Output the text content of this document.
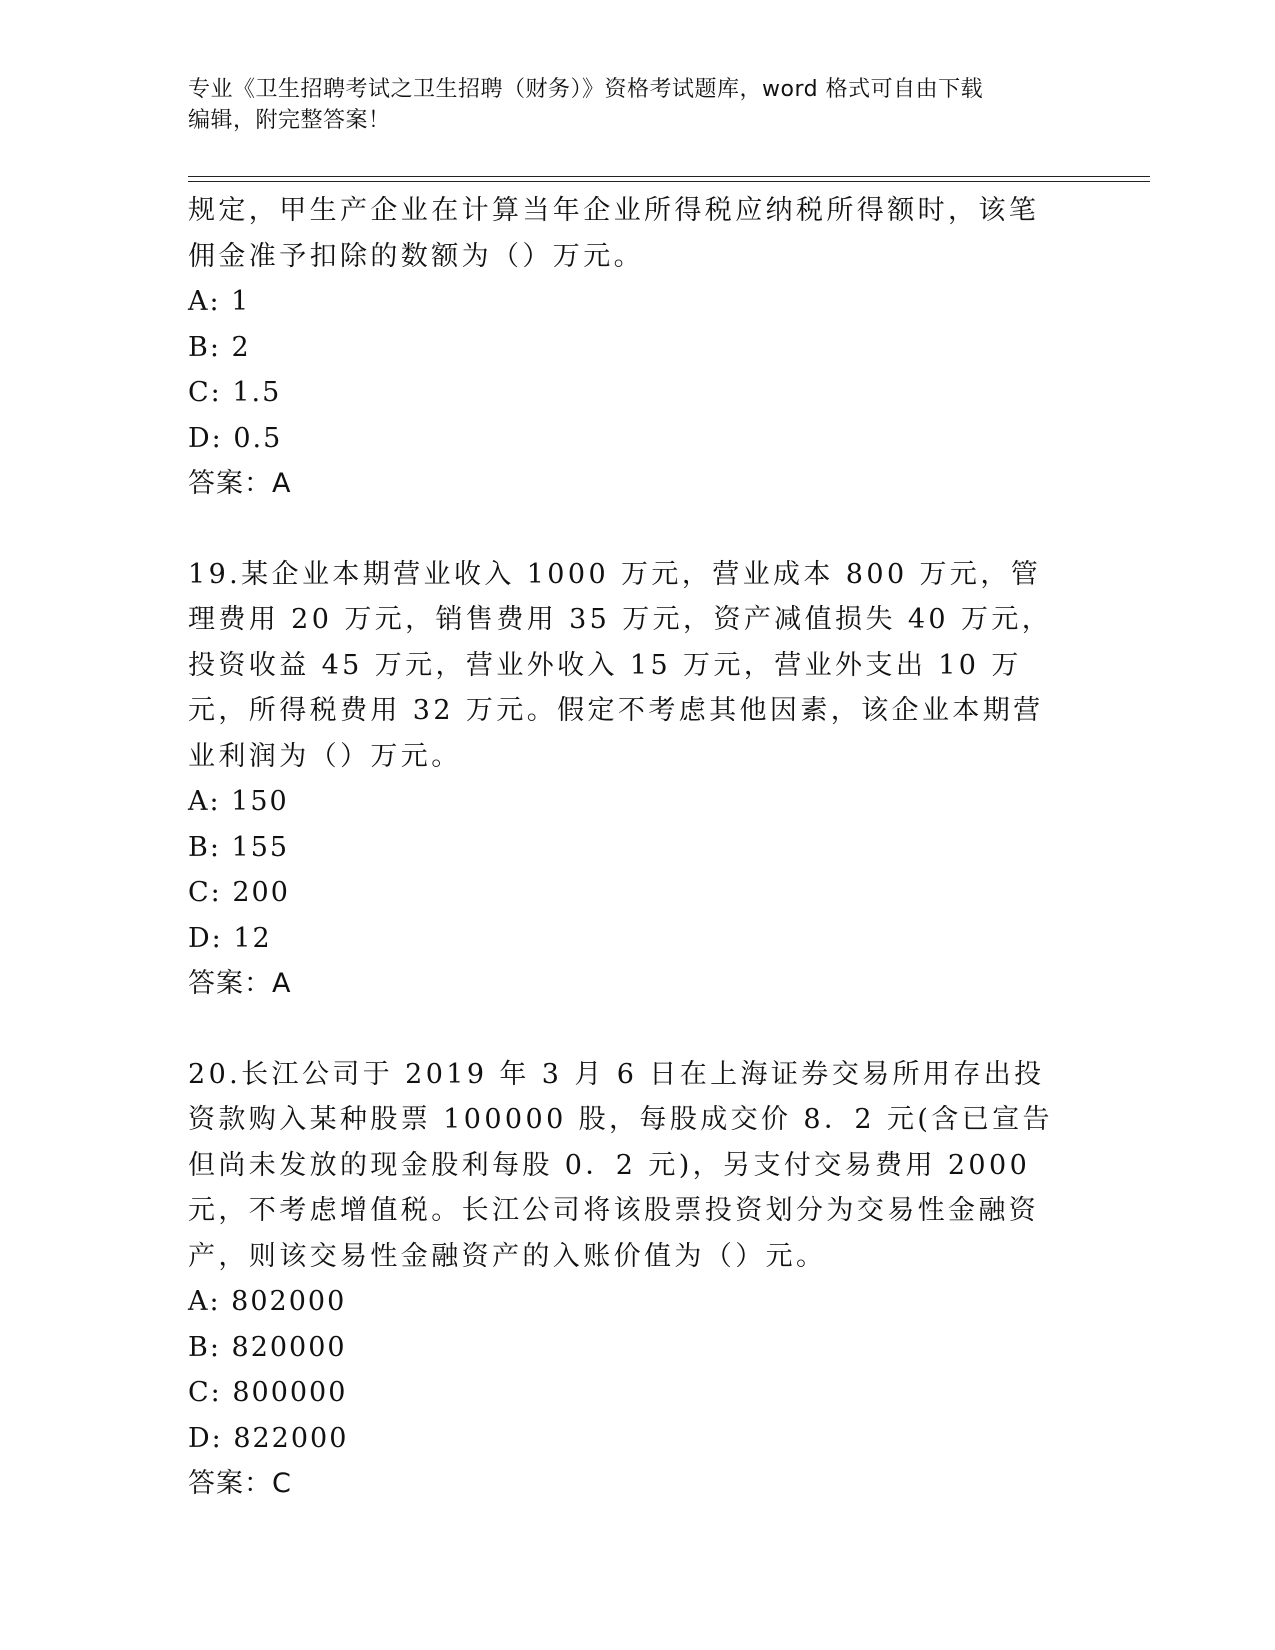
专业《卫生招聘考试之卫生招聘（财务）》资格考试题库，word 格式可自由下载
编辑，附完整答案！

规定，甲生产企业在计算当年企业所得税应纳税所得额时，该笔佣金准予扣除的数额为（）万元。

A: 1

B: 2

C: 1.5

D: 0.5

答案：A

19.某企业本期营业收入 1000 万元，营业成本 800 万元，管理费用 20 万元，销售费用 35 万元，资产减值损失 40 万元，投资收益 45 万元，营业外收入 15 万元，营业外支出 10 万元，所得税费用 32 万元。假定不考虑其他因素，该企业本期营业利润为（）万元。

A: 150

B: 155

C: 200

D: 12

答案：A

20.长江公司于 2019 年 3 月 6 日在上海证券交易所用存出投资款购入某种股票 100000 股，每股成交价 8．2 元(含已宣告但尚未发放的现金股利每股 0．2 元)，另支付交易费用 2000 元，不考虑增值税。长江公司将该股票投资划分为交易性金融资产，则该交易性金融资产的入账价值为（）元。

A: 802000

B: 820000

C: 800000

D: 822000

答案：C
